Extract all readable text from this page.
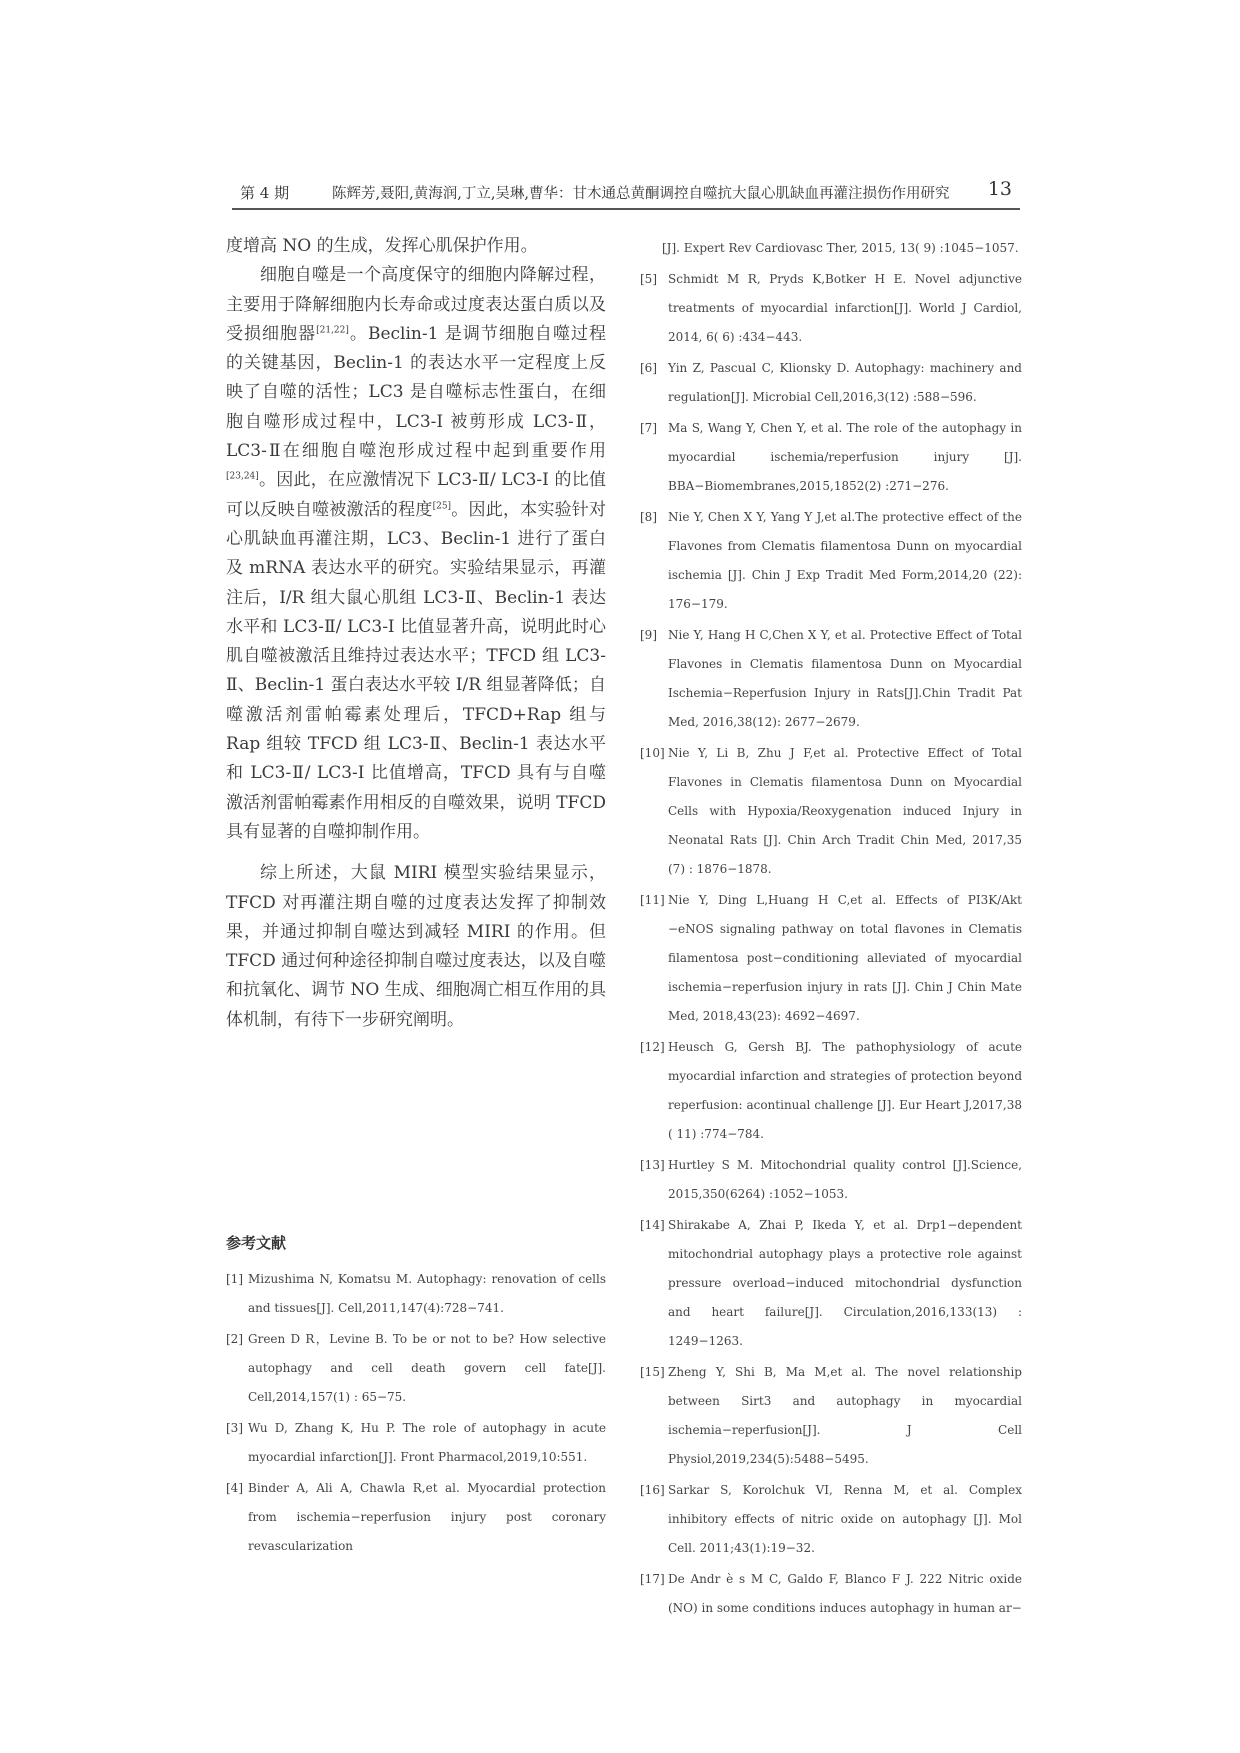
第 4 期	陈辉芳,聂阳,黄海润,丁立,吴琳,曹华：甘木通总黄酮调控自噬抗大鼠心肌缺血再灌注损伤作用研究 13

度增高 NO 的生成，发挥心肌保护作用。

细胞自噬是一个高度保守的细胞内降解过程，主要用于降解细胞内长寿命或过度表达蛋白质以及受损细胞器[21,22]。Beclin-1 是调节细胞自噬过程的关键基因，Beclin-1 的表达水平一定程度上反映了自噬的活性；LC3 是自噬标志性蛋白，在细胞自噬形成过程中，LC3-I 被剪形成 LC3-Ⅱ，LC3-Ⅱ在细胞自噬泡形成过程中起到重要作用[23,24]。因此，在应激情况下 LC3-Ⅱ/ LC3-I 的比值可以反映自噬被激活的程度[25]。因此，本实验针对心肌缺血再灌注期，LC3、Beclin-1 进行了蛋白及 mRNA 表达水平的研究。实验结果显示，再灌注后，I/R 组大鼠心肌组 LC3-Ⅱ、Beclin-1 表达水平和 LC3-Ⅱ/ LC3-I 比值显著升高，说明此时心肌自噬被激活且维持过表达水平；TFCD 组 LC3-Ⅱ、Beclin-1 蛋白表达水平较 I/R 组显著降低；自噬激活剂雷帕霉素处理后，TFCD+Rap 组与 Rap 组较 TFCD 组 LC3-Ⅱ、Beclin-1 表达水平和 LC3-Ⅱ/ LC3-I 比值增高，TFCD 具有与自噬激活剂雷帕霉素作用相反的自噬效果，说明 TFCD 具有显著的自噬抑制作用。

综上所述，大鼠 MIRI 模型实验结果显示，TFCD 对再灌注期自噬的过度表达发挥了抑制效果，并通过抑制自噬达到减轻 MIRI 的作用。但 TFCD 通过何种途径抑制自噬过度表达，以及自噬和抗氧化、调节 NO 生成、细胞凋亡相互作用的具体机制，有待下一步研究阐明。

参考文献
[1] Mizushima N, Komatsu M. Autophagy: renovation of cells and tissues[J]. Cell,2011,147(4):728−741.
[2] Green D R，Levine B. To be or not to be? How selective autophagy and cell death govern cell fate[J]. Cell,2014,157(1) : 65−75.
[3] Wu D, Zhang K, Hu P. The role of autophagy in acute myocardial infarction[J]. Front Pharmacol,2019,10:551.
[4] Binder A, Ali A, Chawla R,et al. Myocardial protection from ischemia−reperfusion injury post coronary revascularization
[J]. Expert Rev Cardiovasc Ther, 2015, 13( 9) :1045−1057.
[5] Schmidt M R, Pryds K,Botker H E. Novel adjunctive treatments of myocardial infarction[J]. World J Cardiol, 2014, 6( 6) :434−443.
[6] Yin Z, Pascual C, Klionsky D. Autophagy: machinery and regulation[J]. Microbial Cell,2016,3(12) :588−596.
[7] Ma S, Wang Y, Chen Y, et al. The role of the autophagy in myocardial ischemia/reperfusion injury [J]. BBA−Biomembranes,2015,1852(2) :271−276.
[8] Nie Y, Chen X Y, Yang Y J,et al.The protective effect of the Flavones from Clematis filamentosa Dunn on myocardial ischemia [J]. Chin J Exp Tradit Med Form,2014,20 (22): 176−179.
[9] Nie Y, Hang H C,Chen X Y, et al. Protective Effect of Total Flavones in Clematis filamentosa Dunn on Myocardial Ischemia−Reperfusion Injury in Rats[J].Chin Tradit Pat Med, 2016,38(12): 2677−2679.
[10] Nie Y, Li B, Zhu J F,et al. Protective Effect of Total Flavones in Clematis filamentosa Dunn on Myocardial Cells with Hypoxia/Reoxygenation induced Injury in Neonatal Rats [J]. Chin Arch Tradit Chin Med, 2017,35 (7) : 1876−1878.
[11] Nie Y, Ding L,Huang H C,et al. Effects of PI3K/Akt −eNOS signaling pathway on total flavones in Clematis filamentosa post−conditioning alleviated of myocardial ischemia−reperfusion injury in rats [J]. Chin J Chin Mate Med, 2018,43(23): 4692−4697.
[12] Heusch G, Gersh BJ. The pathophysiology of acute myocardial infarction and strategies of protection beyond reperfusion: acontinual challenge [J]. Eur Heart J,2017,38 ( 11) :774−784.
[13] Hurtley S M. Mitochondrial quality control [J].Science, 2015,350(6264) :1052−1053.
[14] Shirakabe A, Zhai P, Ikeda Y, et al. Drp1−dependent mitochondrial autophagy plays a protective role against pressure overload−induced mitochondrial dysfunction and heart failure[J]. Circulation,2016,133(13) : 1249−1263.
[15] Zheng Y, Shi B, Ma M,et al. The novel relationship between Sirt3 and autophagy in myocardial ischemia−reperfusion[J]. J Cell Physiol,2019,234(5):5488−5495.
[16] Sarkar S, Korolchuk VI, Renna M, et al. Complex inhibitory effects of nitric oxide on autophagy [J]. Mol Cell. 2011;43(1):19−32.
[17] De Andr è s M C, Galdo F, Blanco F J. 222 Nitric oxide (NO) in some conditions induces autophagy in human ar−
